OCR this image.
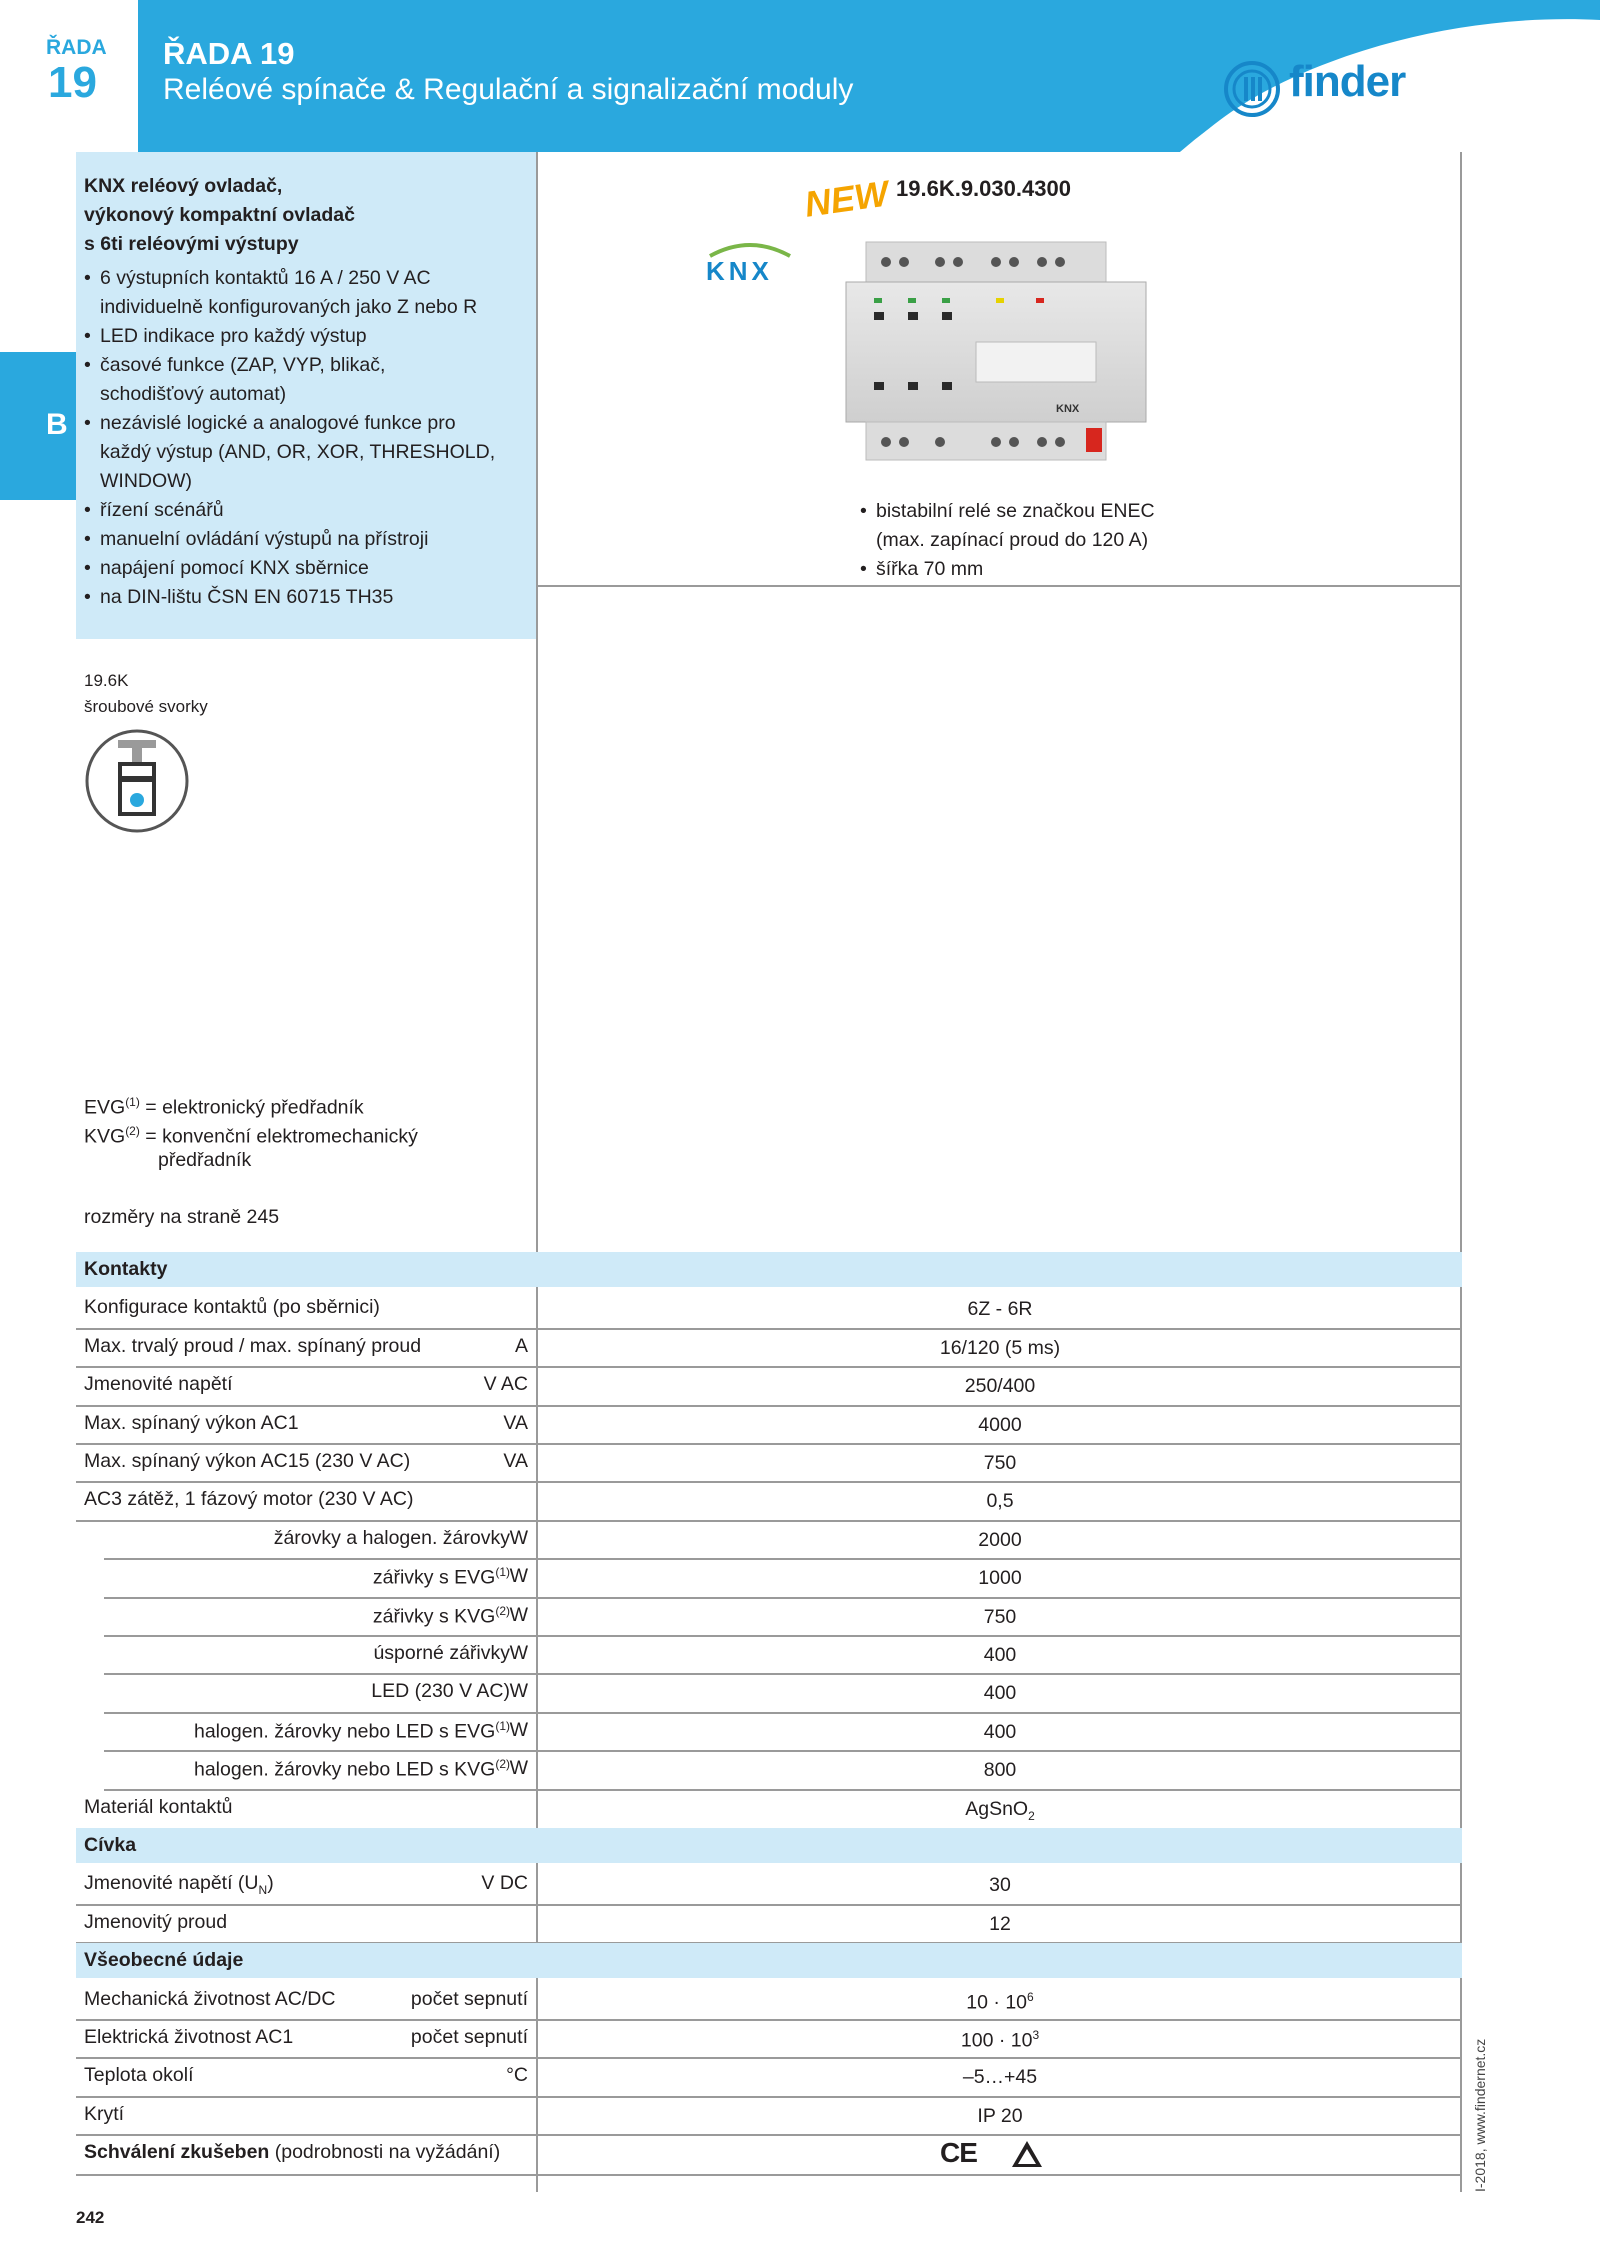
ŘADA
19
ŘADA 19
Reléové spínače & Regulační a signalizační moduly	finder
B
KNX reléový ovladač,
výkonový kompaktní ovladač
s 6ti reléovými výstupy
• 6 výstupních kontaktů 16 A / 250 V AC
individuelně konfigurovaných jako Z nebo R
• LED indikace pro každý výstup
• časové funkce (ZAP, VYP, blikač,
schodišťový automat)
• nezávislé logické a analogové funkce pro
každý výstup (AND, OR, XOR, THRESHOLD,
WINDOW)
• řízení scénářů
• manuelní ovládání výstupů na přístroji
• napájení pomocí KNX sběrnice
• na DIN-lištu ČSN EN 60715 TH35
NEW 19.6K.9.030.4300
KNX
KNX
• bistabilní relé se značkou ENEC
(max. zapínací proud do 120 A)
• šířka 70 mm
19.6K
šroubové svorky
$EVG^{(1)}$ = elektronický předřadník
$KVG^{(2)}$ = konvenční elektromechanický
předřadník
rozměry na straně 245
Kontakty
Konfigurace kontaktů (po sběrnici)	6Z - 6R
Max. trvalý proud / max. spínaný proud	A	16/120 (5 ms)
Jmenovité napětí	V AC	250/400
Max. spínaný výkon AC1	VA	4000
Max. spínaný výkon AC15 (230 V AC)	VA	750
AC3 zátěž, 1 fázový motor (230 V AC)	0,5
žárovky a halogen. žárovky W	2000
zářivky s EVG$^{(1)}$ W	1000
zářivky s KVG$^{(2)}$ W	750
úsporné zářivky W	400
LED (230 V AC) W	400
halogen. žárovky nebo LED s EVG$^{(1)}$ W	400
halogen. žárovky nebo LED s KVG$^{(2)}$ W	800
Materiál kontaktů	AgSnO$_2$
Cívka
Jmenovité napětí $(U_N)$	V DC	30
Jmenovitý proud	12
Všeobecné údaje
Mechanická životnost AC/DC	počet sepnutí	$10 \cdot 10^6$
Elektrická životnost AC1	počet sepnutí	$100 \cdot 10^3$
Teplota okolí	°C	–5…+45
Krytí	IP 20
Schválení zkušeben (podrobnosti na vyžádání)	CE
242
I-2018, www.findernet.cz
